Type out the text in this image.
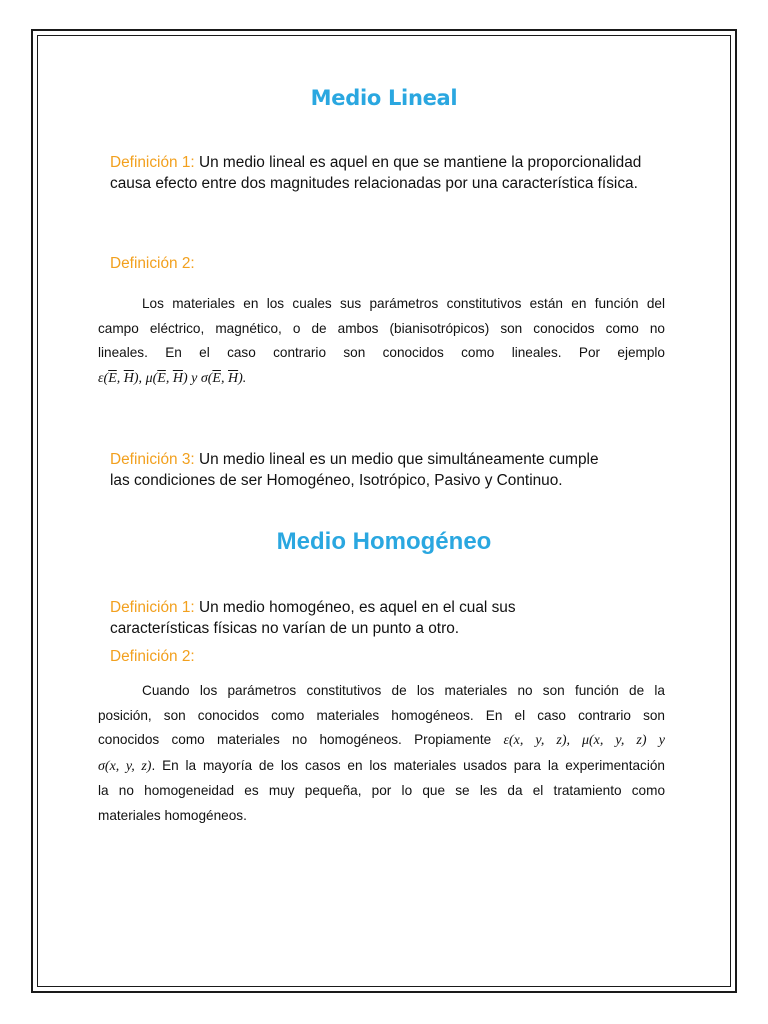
Medio Lineal
Definición 1: Un medio lineal es aquel en que se mantiene la proporcionalidad causa efecto entre dos magnitudes relacionadas por una característica física.
Definición 2:
Los materiales en los cuales sus parámetros constitutivos están en función del
campo eléctrico, magnético, o de ambos (bianisotrópicos) son conocidos como no
lineales. En el caso contrario son conocidos como lineales. Por ejemplo
$\varepsilon(\overline{E}$, $\overline{H}$), $\mu(\overline{E}$, $\overline{H}$) y $\sigma(\overline{E}$, $\overline{H}$).
Definición 3: Un medio lineal es un medio que simultáneamente cumple
las condiciones de ser Homogéneo, Isotrópico, Pasivo y Continuo.
Medio Homogéneo
Definición 1: Un medio homogéneo, es aquel en el cual sus
características físicas no varían de un punto a otro.
Definición 2:
Cuando los parámetros constitutivos de los materiales no son función de la
posición, son conocidos como materiales homogéneos. En el caso contrario son
conocidos como materiales no homogéneos. Propiamente ε(x, y, z), μ(x, y, z) y
σ(x, y, z). En la mayoría de los casos en los materiales usados para la experimentación
la no homogeneidad es muy pequeña, por lo que se les da el tratamiento como
materiales homogéneos.
